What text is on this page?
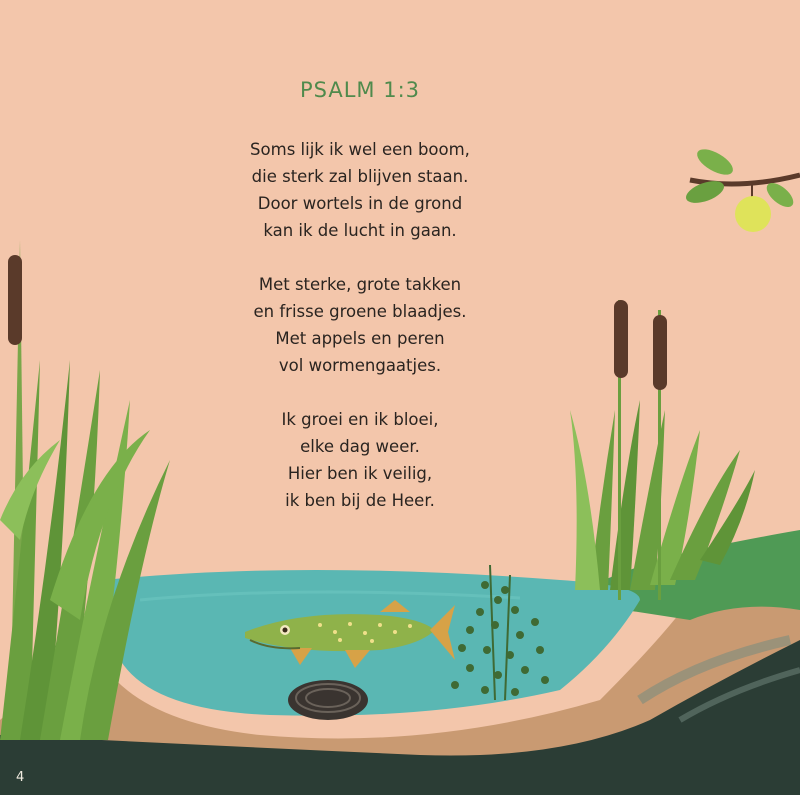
PSALM 1:3
Soms lijk ik wel een boom,
die sterk zal blijven staan.
Door wortels in de grond
kan ik de lucht in gaan.
Met sterke, grote takken
en frisse groene blaadjes.
Met appels en peren
vol wormengaatjes.
Ik groei en ik bloei,
elke dag weer.
Hier ben ik veilig,
ik ben bij de Heer.
4
